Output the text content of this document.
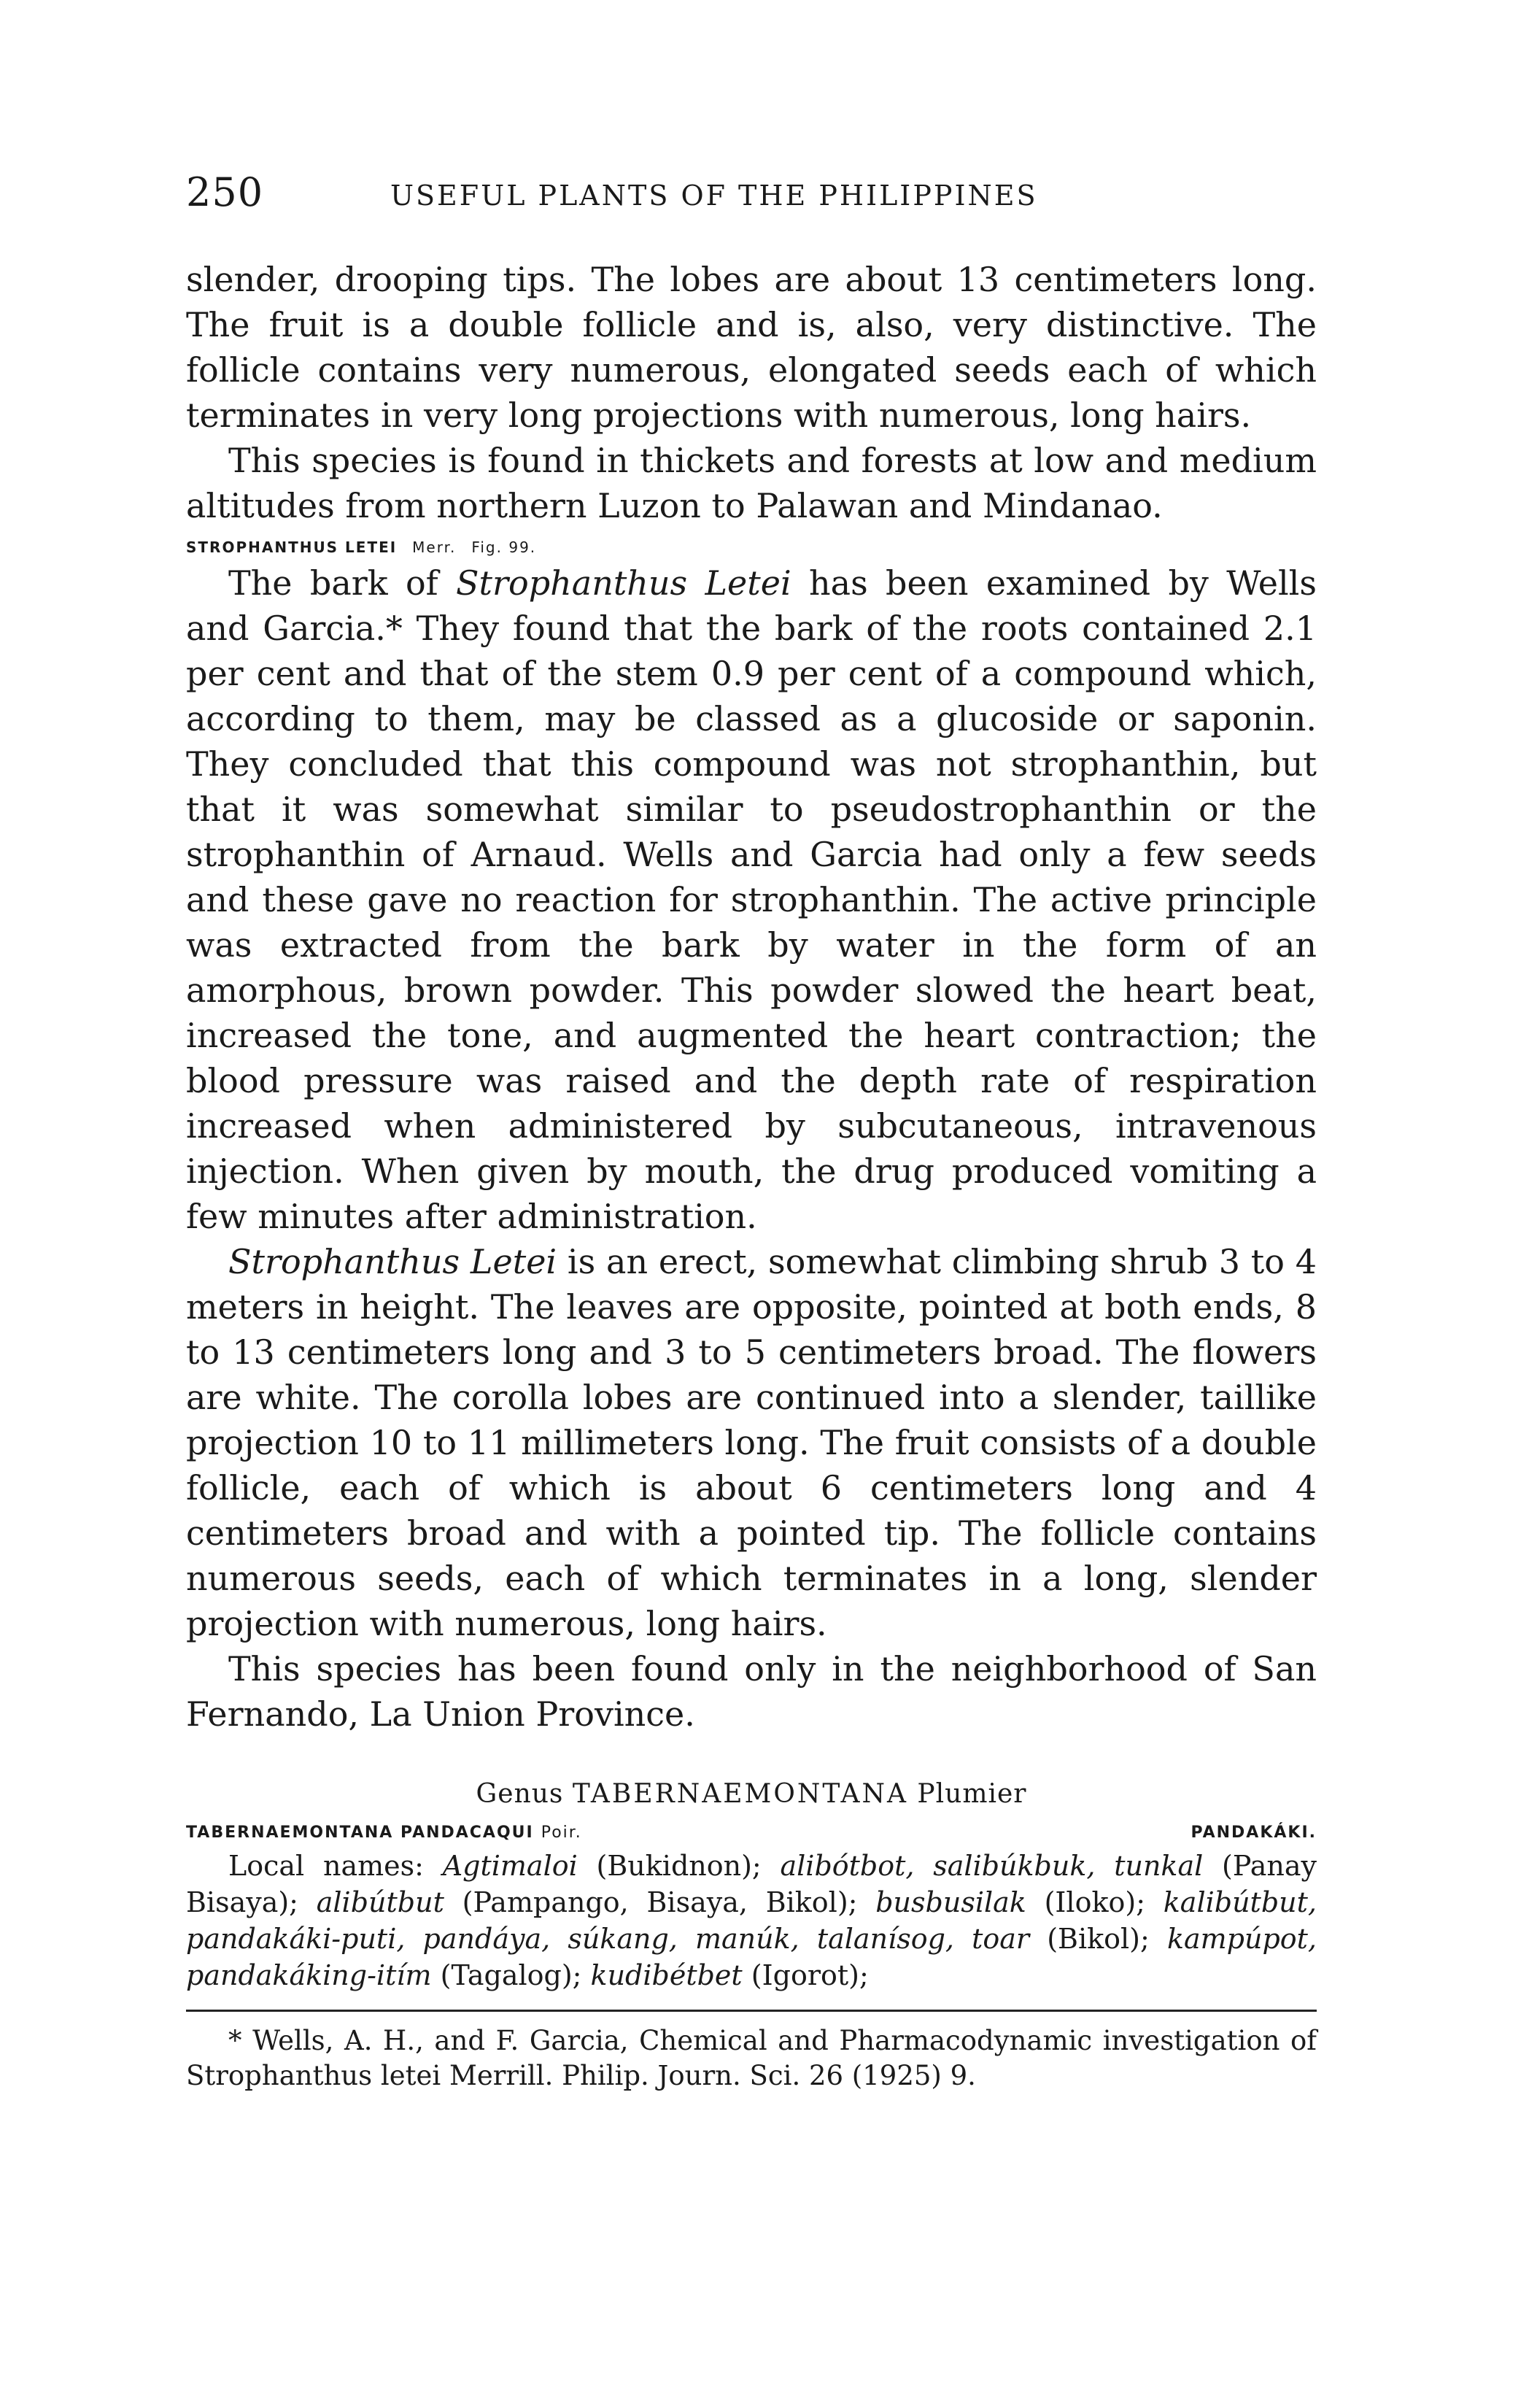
250	USEFUL PLANTS OF THE PHILIPPINES

slender, drooping tips. The lobes are about 13 centimeters long. The fruit is a double follicle and is, also, very distinctive. The follicle contains very numerous, elongated seeds each of which terminates in very long projections with numerous, long hairs.

This species is found in thickets and forests at low and medium altitudes from northern Luzon to Palawan and Mindanao.

STROPHANTHUS LETEI Merr. Fig. 99.

The bark of Strophanthus Letei has been examined by Wells and Garcia.* They found that the bark of the roots contained 2.1 per cent and that of the stem 0.9 per cent of a compound which, according to them, may be classed as a glucoside or saponin. They concluded that this compound was not strophanthin, but that it was somewhat similar to pseudostrophanthin or the strophanthin of Arnaud. Wells and Garcia had only a few seeds and these gave no reaction for strophanthin. The active principle was extracted from the bark by water in the form of an amorphous, brown powder. This powder slowed the heart beat, increased the tone, and augmented the heart contraction; the blood pressure was raised and the depth rate of respiration increased when administered by subcutaneous, intravenous injection. When given by mouth, the drug produced vomiting a few minutes after administration.

Strophanthus Letei is an erect, somewhat climbing shrub 3 to 4 meters in height. The leaves are opposite, pointed at both ends, 8 to 13 centimeters long and 3 to 5 centimeters broad. The flowers are white. The corolla lobes are continued into a slender, taillike projection 10 to 11 millimeters long. The fruit consists of a double follicle, each of which is about 6 centimeters long and 4 centimeters broad and with a pointed tip. The follicle contains numerous seeds, each of which terminates in a long, slender projection with numerous, long hairs.

This species has been found only in the neighborhood of San Fernando, La Union Province.

Genus TABERNAEMONTANA Plumier
TABERNAEMONTANA PANDACAQUI Poir.	PANDAKÁKI.

Local names: Agtimaloi (Bukidnon); alibótbot, salibúkbuk, tunkal (Panay Bisaya); alibútbut (Pampango, Bisaya, Bikol); busbusilak (Iloko); kalibútbut, pandakáki-puti, pandáya, súkang, manúk, talanísog, toar (Bikol); kampúpot, pandakáking-itím (Tagalog); kudibétbet (Igorot);

* Wells, A. H., and F. Garcia, Chemical and Pharmacodynamic investigation of Strophanthus letei Merrill. Philip. Journ. Sci. 26 (1925) 9.
